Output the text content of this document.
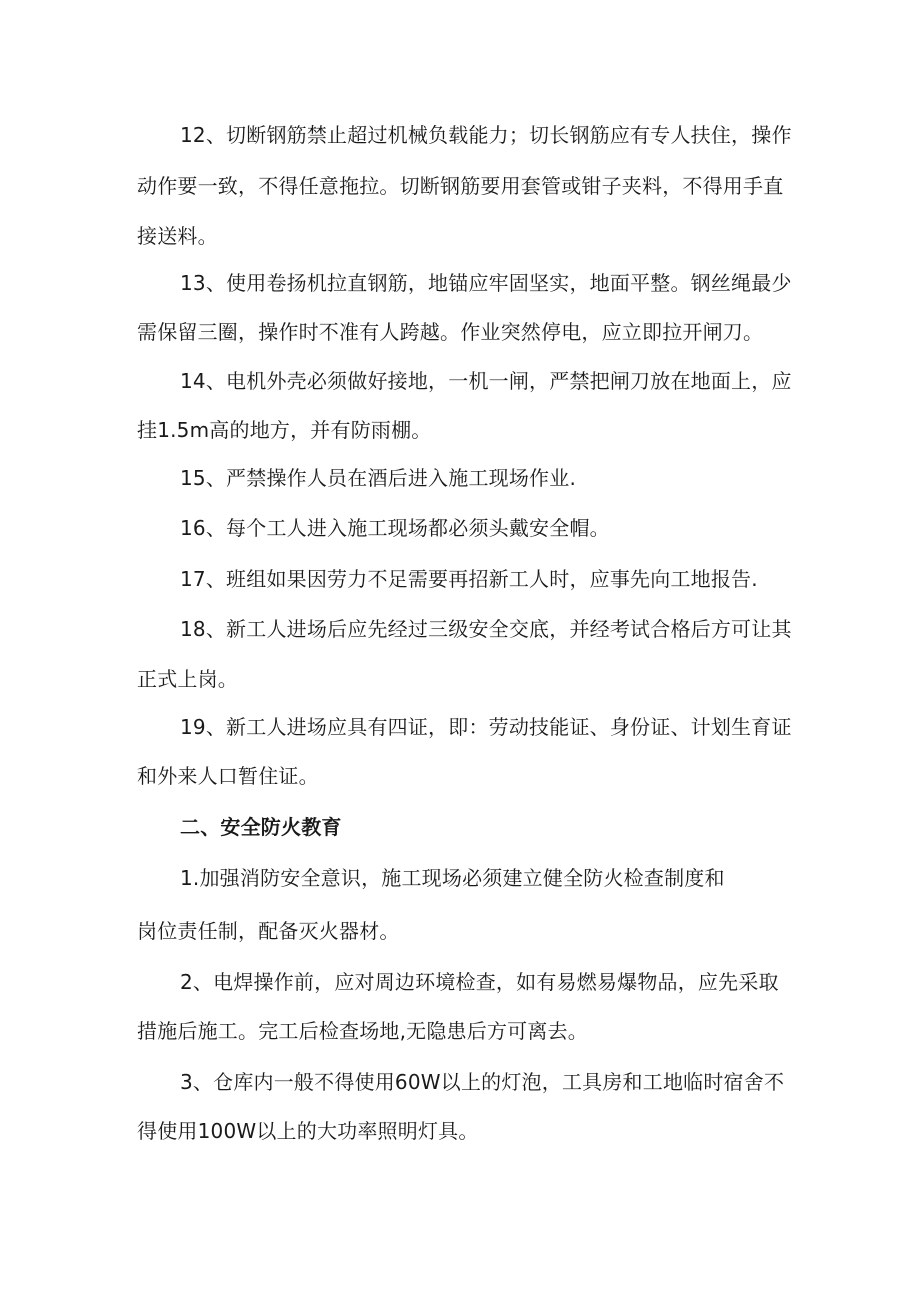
12、切断钢筋禁止超过机械负载能力；切长钢筋应有专人扶住，操作

动作要一致，不得任意拖拉。切断钢筋要用套管或钳子夹料，不得用手直

接送料。

13、使用卷扬机拉直钢筋，地锚应牢固坚实，地面平整。钢丝绳最少

需保留三圈，操作时不准有人跨越。作业突然停电，应立即拉开闸刀。

14、电机外壳必须做好接地，一机一闸，严禁把闸刀放在地面上，应

挂1.5m高的地方，并有防雨棚。

15、严禁操作人员在酒后进入施工现场作业.

16、每个工人进入施工现场都必须头戴安全帽。

17、班组如果因劳力不足需要再招新工人时，应事先向工地报告.

18、新工人进场后应先经过三级安全交底，并经考试合格后方可让其

正式上岗。

19、新工人进场应具有四证，即：劳动技能证、身份证、计划生育证

和外来人口暂住证。

二、安全防火教育

1.加强消防安全意识，施工现场必须建立健全防火检查制度和

岗位责任制，配备灭火器材。

2、电焊操作前，应对周边环境检查，如有易燃易爆物品，应先采取

措施后施工。完工后检查场地,无隐患后方可离去。

3、仓库内一般不得使用60W以上的灯泡，工具房和工地临时宿舍不

得使用100W以上的大功率照明灯具。
